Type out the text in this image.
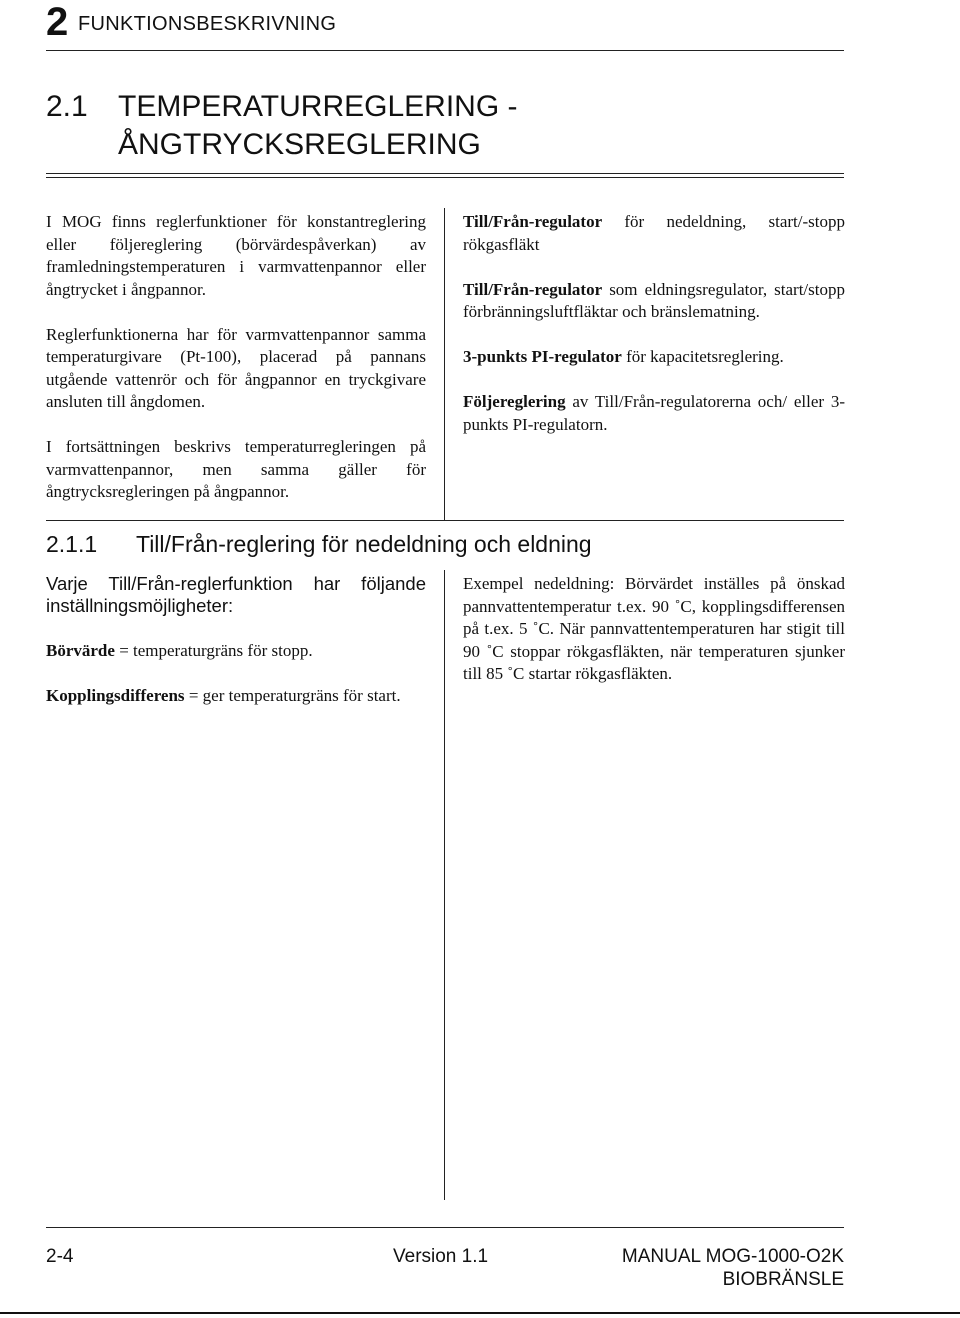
2 FUNKTIONSBESKRIVNING
2.1 TEMPERATURREGLERING -
ÅNGTRYCKSREGLERING

I MOG finns reglerfunktioner för konstantreglering eller följereglering (börvärdespåverkan) av framledningstemperaturen i varmvattenpannor eller ångtrycket i ångpannor.

Reglerfunktionerna har för varmvattenpannor samma temperaturgivare (Pt-100), placerad på pannans utgående vattenrör och för ångpannor en tryckgivare ansluten till ångdomen.

I fortsättningen beskrivs temperaturregleringen på varmvattenpannor, men samma gäller för ångtrycksregleringen på ångpannor.

Till/Från-regulator för nedeldning, start/-stopp rökgasfläkt

Till/Från-regulator som eldningsregulator, start/stopp förbränningsluftfläktar och bränslematning.

3-punkts PI-regulator för kapacitetsreglering.

Följereglering av Till/Från-regulatorerna och/ eller 3-punkts PI-regulatorn.

2.1.1 Till/Från-reglering för nedeldning och eldning

Varje Till/Från-reglerfunktion har följande inställningsmöjligheter:

Börvärde = temperaturgräns för stopp.

Kopplingsdifferens = ger temperaturgräns för start.

Exempel nedeldning: Börvärdet inställes på önskad pannvattentemperatur t.ex. 90 ˚C, kopplingsdifferensen på t.ex. 5 ˚C. När pannvattentemperaturen har stigit till 90 ˚C stoppar rökgasfläkten, när temperaturen sjunker till 85 ˚C startar rökgasfläkten.

2-4	Version 1.1	MANUAL MOG-1000-O2K
BIOBRÄNSLE
